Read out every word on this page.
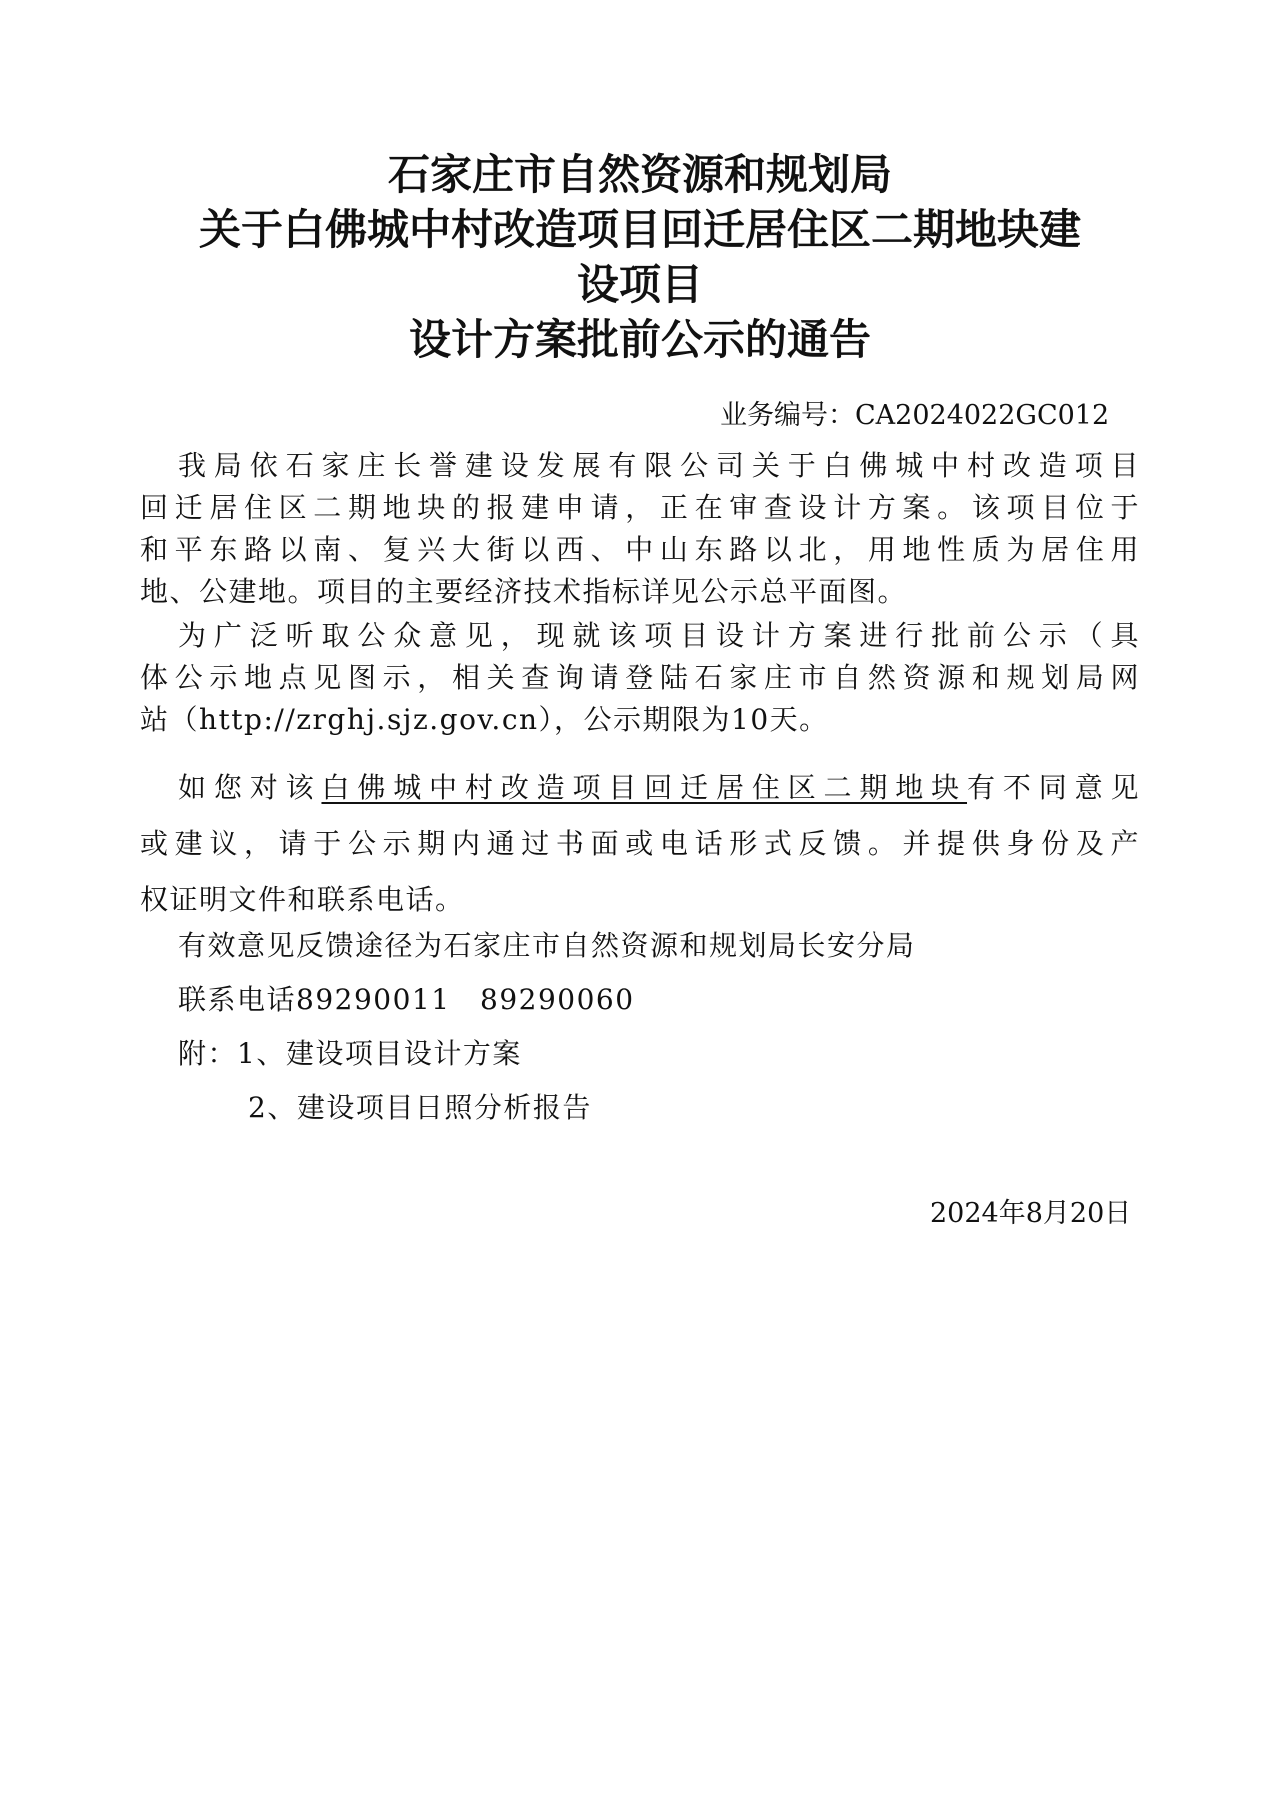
石家庄市自然资源和规划局
关于白佛城中村改造项目回迁居住区二期地块建
设项目
设计方案批前公示的通告
业务编号：CA2024022GC012
我局依石家庄长誉建设发展有限公司关于白佛城中村改造项目
回迁居住区二期地块的报建申请，正在审查设计方案。该项目位于
和平东路以南、复兴大街以西、中山东路以北，用地性质为居住用
地、公建地。项目的主要经济技术指标详见公示总平面图。
为广泛听取公众意见，现就该项目设计方案进行批前公示（具
体公示地点见图示，相关查询请登陆石家庄市自然资源和规划局网
站（http://zrghj.sjz.gov.cn），公示期限为10天。
如您对该白佛城中村改造项目回迁居住区二期地块有不同意见
或建议，请于公示期内通过书面或电话形式反馈。并提供身份及产
权证明文件和联系电话。
有效意见反馈途径为石家庄市自然资源和规划局长安分局
联系电话89290011　89290060
附：1、建设项目设计方案
2、建设项目日照分析报告
2024年8月20日
